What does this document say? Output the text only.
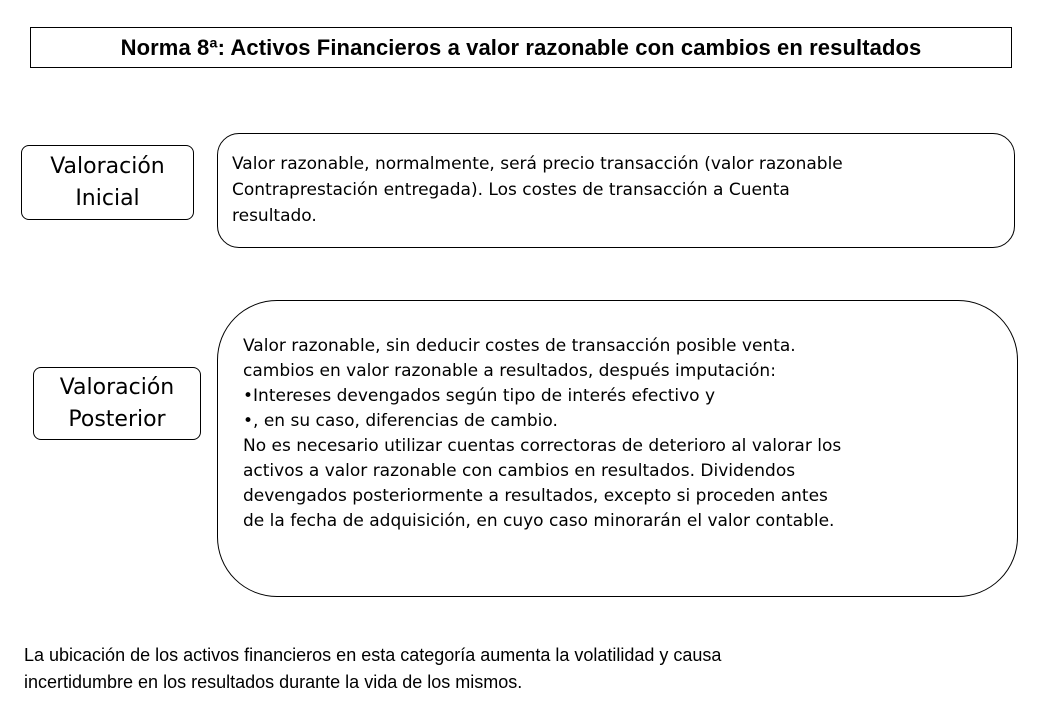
Norma 8ª: Activos Financieros a valor razonable con cambios en resultados
Valoración
Inicial
Valor razonable, normalmente, será precio transacción (valor razonable
Contraprestación entregada). Los costes de transacción a Cuenta
resultado.
Valoración
Posterior
Valor razonable, sin deducir costes de transacción posible venta.
cambios en valor razonable a resultados, después imputación:
•Intereses devengados según tipo de interés efectivo y
•, en su caso, diferencias de cambio.
No es necesario utilizar cuentas correctoras de deterioro al valorar los
activos a valor razonable con cambios en resultados. Dividendos
devengados posteriormente a resultados, excepto si proceden antes
de la fecha de adquisición, en cuyo caso minorarán el valor contable.
La ubicación de los activos financieros en esta categoría aumenta la volatilidad y causa
incertidumbre en los resultados durante la vida de los mismos.
